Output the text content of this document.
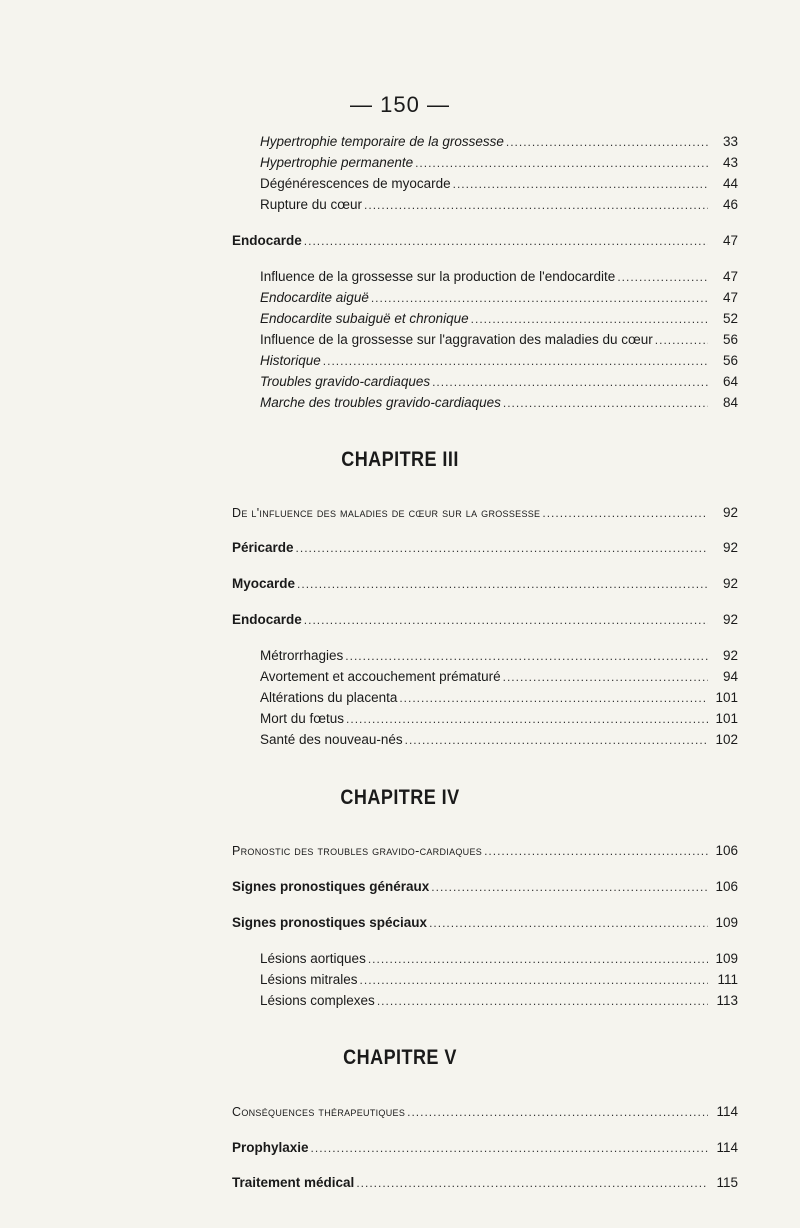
— 150 —
Hypertrophie temporaire de la grossesse .....	33
Hypertrophie permanente .....	43
Dégénérescences de myocarde .....	44
Rupture du cœur .....	46
Endocarde .....	47
Influence de la grossesse sur la production de l'endocardite .....	47
Endocardite aiguë .....	47
Endocardite subaiguë et chronique .....	52
Influence de la grossesse sur l'aggravation des maladies du cœur .....	56
Historique .....	56
Troubles gravido-cardiaques .....	64
Marche des troubles gravido-cardiaques .....	84
CHAPITRE III
De l'influence des maladies de cœur sur la grossesse .....	92
Péricarde .....	92
Myocarde .....	92
Endocarde .....	92
Métrorrhagies .....	92
Avortement et accouchement prématuré .....	94
Altérations du placenta .....	101
Mort du fœtus .....	101
Santé des nouveau-nés .....	102
CHAPITRE IV
Pronostic des troubles gravido-cardiaques .....	106
Signes pronostiques généraux .....	106
Signes pronostiques spéciaux .....	109
Lésions aortiques .....	109
Lésions mitrales .....	111
Lésions complexes .....	113
CHAPITRE V
Conséquences thérapeutiques .....	114
Prophylaxie .....	114
Traitement médical .....	115
